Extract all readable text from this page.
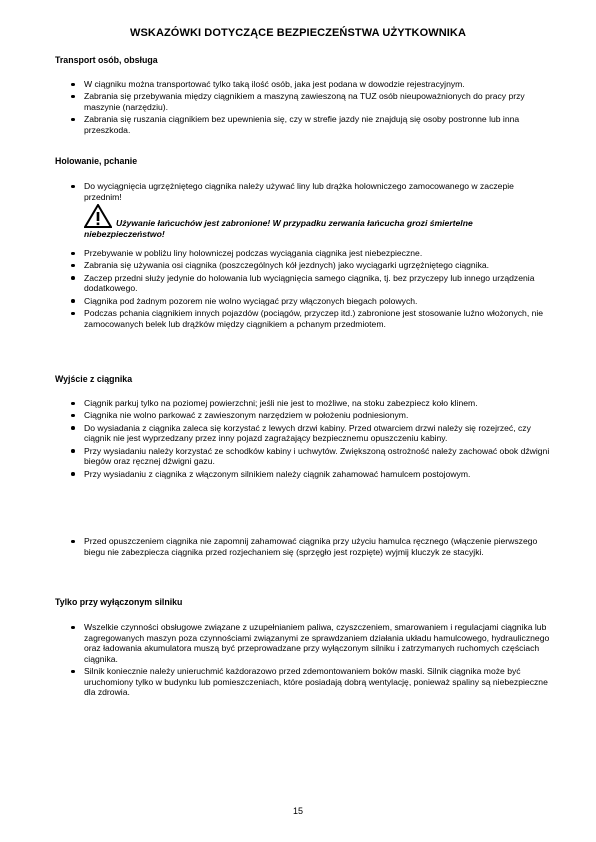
WSKAZÓWKI DOTYCZĄCE BEZPIECZEŃSTWA UŻYTKOWNIKA
Transport osób, obsługa
W ciągniku można transportować tylko taką ilość osób, jaka jest podana w dowodzie rejestracyjnym.
Zabrania się przebywania między ciągnikiem a maszyną zawieszoną na TUZ osób nieupoważnionych do pracy przy maszynie (narzędziu).
Zabrania się ruszania ciągnikiem bez upewnienia się, czy w strefie jazdy nie znajdują się osoby postronne lub inna przeszkoda.
Holowanie, pchanie
Do wyciągnięcia ugrzężniętego ciągnika należy używać liny lub drążka holowniczego zamocowanego w zaczepie przednim!
Używanie łańcuchów jest zabronione! W przypadku zerwania łańcucha grozi śmiertelne niebezpieczeństwo!
Przebywanie w pobliżu liny holowniczej podczas wyciągania ciągnika jest niebezpieczne.
Zabrania się używania osi ciągnika (poszczególnych kół jezdnych) jako wyciągarki ugrzężniętego ciągnika.
Zaczep przedni służy jedynie do holowania lub wyciągnięcia samego ciągnika, tj. bez przyczepy lub innego urządzenia dodatkowego.
Ciągnika pod żadnym pozorem nie wolno wyciągać przy włączonych biegach polowych.
Podczas pchania ciągnikiem innych pojazdów (pociągów, przyczep itd.) zabronione jest stosowanie luźno włożonych, nie zamocowanych belek lub drążków między ciągnikiem a pchanym przedmiotem.
Wyjście z ciągnika
Ciągnik parkuj tylko na poziomej powierzchni; jeśli nie jest to możliwe, na stoku zabezpiecz koło klinem.
Ciągnika nie wolno parkować z zawieszonym narzędziem w położeniu podniesionym.
Do wysiadania z ciągnika zaleca się korzystać z lewych drzwi kabiny. Przed otwarciem drzwi należy się rozejrzeć, czy ciągnik nie jest wyprzedzany przez inny pojazd zagrażający bezpiecznemu opuszczeniu kabiny.
Przy wysiadaniu należy korzystać ze schodków kabiny i uchwytów. Zwiększoną ostrożność należy zachować obok dźwigni biegów oraz ręcznej dźwigni gazu.
Przy wysiadaniu z ciągnika z włączonym silnikiem należy ciągnik zahamować hamulcem postojowym.
Przed opuszczeniem ciągnika nie zapomnij zahamować ciągnika przy użyciu hamulca ręcznego (włączenie pierwszego biegu nie zabezpiecza ciągnika przed rozjechaniem się (sprzęgło jest rozpięte) wyjmij kluczyk ze stacyjki.
Tylko przy wyłączonym silniku
Wszelkie czynności obsługowe związane z uzupełnianiem paliwa, czyszczeniem, smarowaniem i regulacjami ciągnika lub zagregowanych maszyn poza czynnościami związanymi ze sprawdzaniem działania układu hamulcowego, hydraulicznego oraz ładowania akumulatora muszą być przeprowadzane przy wyłączonym silniku i zatrzymanych ruchomych częściach ciągnika.
Silnik koniecznie należy unieruchmić każdorazowo przed zdemontowaniem boków maski. Silnik ciągnika może być uruchomiony tylko w budynku lub pomieszczeniach, które posiadają dobrą wentylację, ponieważ spaliny są niebezpieczne dla zdrowia.
15
